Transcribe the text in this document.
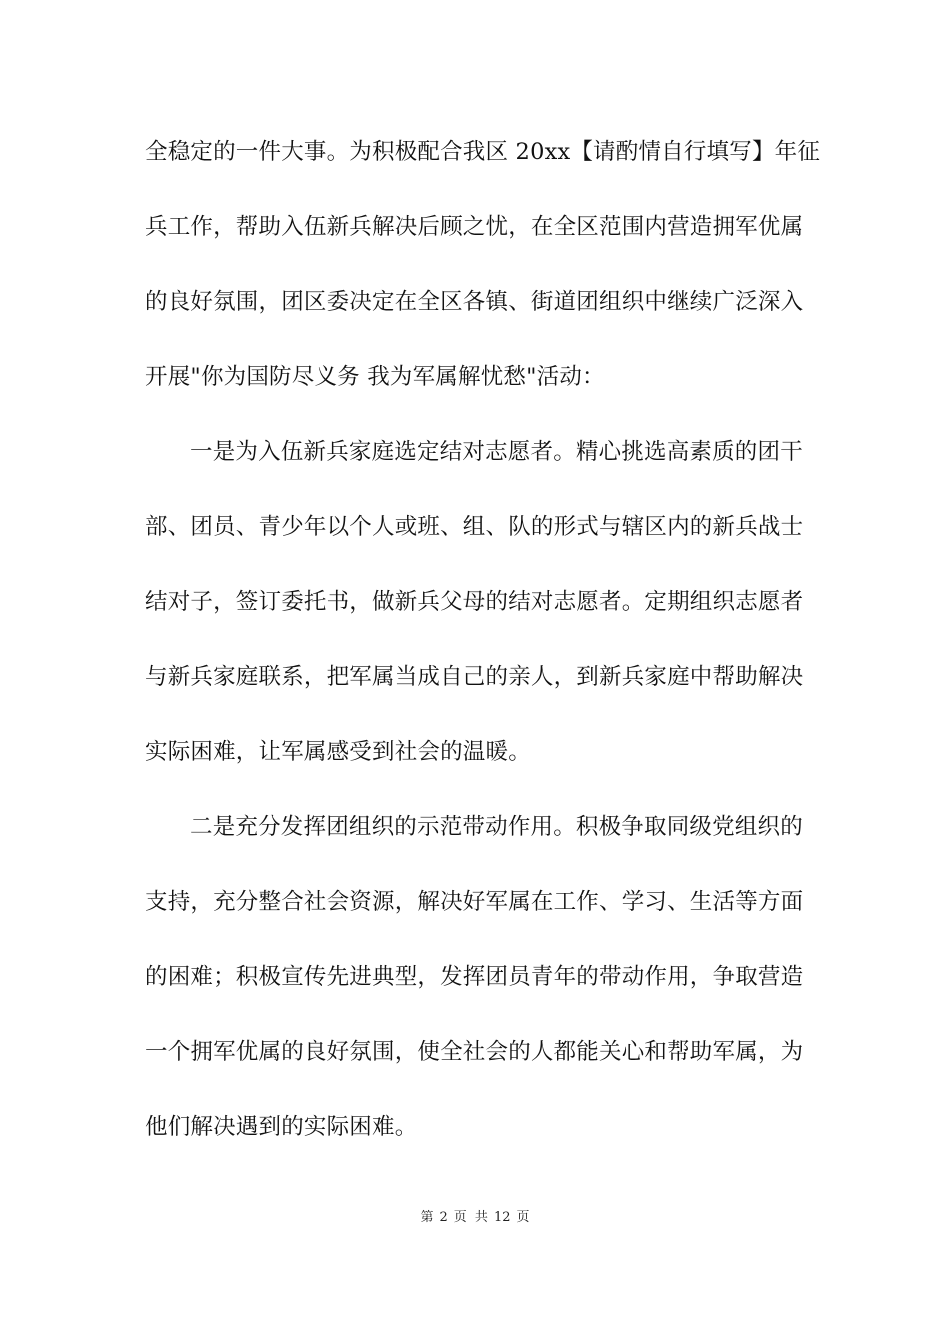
全稳定的一件大事。为积极配合我区 20xx【请酌情自行填写】年征
兵工作，帮助入伍新兵解决后顾之忧，在全区范围内营造拥军优属
的良好氛围，团区委决定在全区各镇、街道团组织中继续广泛深入
开展"你为国防尽义务 我为军属解忧愁"活动：
一是为入伍新兵家庭选定结对志愿者。精心挑选高素质的团干
部、团员、青少年以个人或班、组、队的形式与辖区内的新兵战士
结对子，签订委托书，做新兵父母的结对志愿者。定期组织志愿者
与新兵家庭联系，把军属当成自己的亲人，到新兵家庭中帮助解决
实际困难，让军属感受到社会的温暖。
二是充分发挥团组织的示范带动作用。积极争取同级党组织的
支持，充分整合社会资源，解决好军属在工作、学习、生活等方面
的困难；积极宣传先进典型，发挥团员青年的带动作用，争取营造
一个拥军优属的良好氛围，使全社会的人都能关心和帮助军属，为
他们解决遇到的实际困难。
第 2 页 共 12 页
